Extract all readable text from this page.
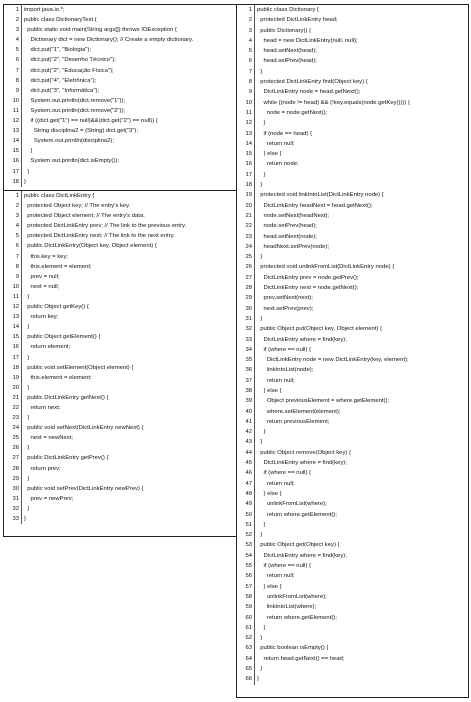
1 import java.io.*;
2 public class DictionaryTest {
3 public static void main(String args[]) throws IOException {
4 Dictionary dict = new Dictionary(); // Create a empty dictionary.
5 dict.put("1", "Biologia");
6 dict.put("2", "Desenho Técnico");
7 dict.put("2", "Educação Física");
8 dict.put("4", "Eletrônica");
9 dict.put("3", "Informática");
10 System.out.println(dict.remove("1"));
11 System.out.println(dict.remove("2"));
12 if ((dict.get("1") == null)&&(dict.get("2") == null)) {
13 String disciplina2 = (String) dict.get("3");
14 System.out.println(disciplina2);
15 }
16 System.out.println(dict.isEmpty());
17 }
18 }
1 public class DictLinkEntry {
2 protected Object key; // The entry's key.
3 protected Object element; // The entry's data.
4 protected DictLinkEntry prev; // The link to the previous entry.
5 protected DictLinkEntry next; // The link to the next entry.
6 public DictLinkEntry(Object key, Object element) {
7 this.key = key;
8 this.element = element;
9 prev = null;
10 next = null;
11 }
12 public Object getKey() {
13 return key;
14 }
15 public Object getElement() {
16 return element;
17 }
18 public void setElement(Object element) {
19 this.element = element;
20 }
21 public DictLinkEntry getNext() {
22 return next;
23 }
24 public void setNext(DictLinkEntry newNext) {
25 next = newNext;
26 }
27 public DictLinkEntry getPrev() {
28 return prev;
29 }
30 public void setPrev(DictLinkEntry newPrev) {
31 prev = newPrev;
32 }
33 }
1 public class Dictionary {
2 protected DictLinkEntry head;
3 public Dictionary() {
4 head = new DictLinkEntry(null, null);
5 head.setNext(head);
6 head.setPrev(head);
7 }
8 protected DictLinkEntry find(Object key) {
9 DictLinkEntry node = head.getNext();
10 while ((node != head) && (!key.equals(node.getKey()))) {
11 node = node.getNext();
12 }
13 if (node == head) {
14 return null;
15 } else {
16 return node;
17 }
18 }
19 protected void linkIntoList(DictLinkEntry node) {
20 DictLinkEntry headNext = head.getNext();
21 node.setNext(headNext);
22 node.setPrev(head);
23 head.setNext(node);
24 headNext.setPrev(node);
25 }
26 protected void unlinkFromList(DictLinkEntry node) {
27 DictLinkEntry prev = node.getPrev();
28 DictLinkEntry next = node.getNext();
29 prev.setNext(next);
30 next.setPrev(prev);
31 }
32 public Object put(Object key, Object element) {
33 DictLinkEntry where = find(key);
34 if (where == null) {
35 DictLinkEntry node = new DictLinkEntry(key, element);
36 linkIntoList(node);
37 return null;
38 } else {
39 Object previousElement = where.getElement();
40 where.setElement(element);
41 return previousElement;
42 }
43 }
44 public Object remove(Object key) {
45 DictLinkEntry where = find(key);
46 if (where == null) {
47 return null;
48 } else {
49 unlinkFromList(where);
50 return where.getElement();
51 }
52 }
53 public Object get(Object key) {
54 DictLinkEntry where = find(key);
55 if (where == null) {
56 return null;
57 } else {
58 unlinkFromList(where);
59 linkIntoList(where);
60 return where.getElement();
61 }
62 }
63 public boolean isEmpty() {
64 return head.getNext() == head;
65 }
66 }
